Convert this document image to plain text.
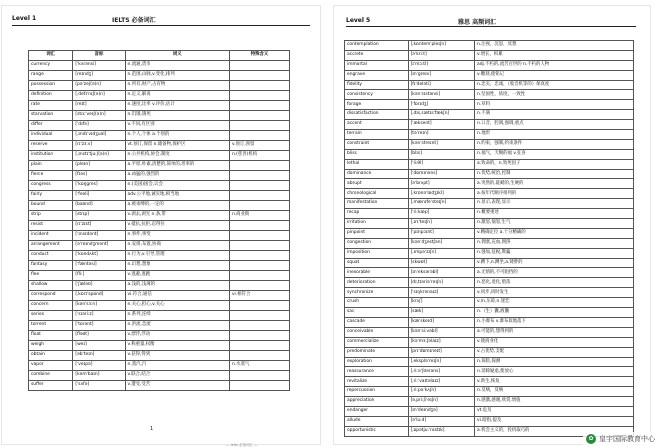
Level 1	IELTS 必备词汇
词汇	音标	词义	特殊含义
currency	[ˈkʌrənsi]	n.流通,货币	
range	[reɪndʒ]	n.范围,山脉,v.变化,排列	
possession	[pəˈzeʃ(ə)n]	n.所有,财产,占有物	
definition	[ˌdefɪˈnɪʃ(ə)n]	n.定义,解说	
rate	[reɪt]	n.速度,比率 v.评价,估计	
starvation	[stɑːˈveɪʃ(ə)n]	n.饥饿,饿死	
differ	[ˈdɪfə]	v.不同,有区别	
individual	[ˌɪndɪˈvɪdʒuəl]	n.个人,个体 a.个别的	
reserve	[rɪˈzɜːv]	vt.预订,保留 n.储备物,保护区	v.预订,预留
institution	[ˌɪnstɪˈtjuːʃ(ə)n]	n.公共机构,协会,制度	n.(慈善)机构
plain	[pleɪn]	a.平原,朴素,清楚的,简单的,坦率的	
fierce	[fɪəs]	a.凶猛的,强烈的	
congress	[ˈkɒŋɡres]	n.(美国)国会,议会	
fairly	[ˈfeəli]	adv.公平地,诚实地,相当地	
bound	[baʊnd]	a.被束缚的,一定的	
strip	[strɪp]	v.剥去,剥光 n.条,带	n.商业街
resist	[rɪˈzɪst]	v.抵抗,抗拒,忍得住	
incident	[ˈɪnsɪdənt]	n.事件,事变	
arrangement	[əˈreɪndʒmənt]	n.安排,布置,协商	
conduct	[ˈkɒndʌkt]	n.行为,v.引导,管理	
fantasy	[ˈfæntəsi]	n.幻想,想象	
flee	[fliː]	v.逃避,逃跑	
shallow	[ˈʃæləʊ]	a.浅的,浅薄的	
correspond	[ˌkɒrɪˈspɒnd]	vi.符合,通信	vi.相符合
concern	[kənˈsɜːn]	n.关心,担心,v.关心	
series	[ˈsɪəriːz]	n.系列,连续	
torrent	[ˈtɒrənt]	n.洪流,急流	
float	[fləʊt]	v.漂浮,浮动	
weigh	[weɪ]	v.称重量,权衡	
obtain	[əbˈteɪn]	v.获得,得到	
vapor	[ˈveɪpə]	n.蒸汽,汽	n.水蒸气
combine	[kəmˈbaɪn]	v.联合,结合	
suffer	[ˈsʌfə]	v.遭受,受苦	
1
— ielts 必备词汇 —
Level 5	雅思 高频词汇
contemplation	[ˌkɒntemˈpleɪʃn]	n.注视，沉思，冥想
accrete	[əˈkriːt]	v.增长，积累
immortal	[ɪˈmɔːtl]	adj.不朽的,流芳百世的 n.不朽的人物
engrave	[ɪnˈɡreɪv]	v.雕刻,使铭记
fidelity	[fɪˈdeləti]	n.忠实，忠诚，（收音机等的）保真度
consistency	[kənˈsɪstənsi]	n.坚固性，浓度，一致性
forage	[ˈfɒrɪdʒ]	n.草料
dissatisfaction	[ˌdɪsˌsætɪsˈfækʃn]	n.不满
accent	[ˈæksent]	n.口音，腔调,强调,重点
terrain	[təˈreɪn]	n.地形
constraint	[kənˈstreɪnt]	n.约束，强制,约束条件
bliss	[blɪs]	n.福气，天赐的福 v.狂喜
lethal	[ˈliːθl]	a.致命的，n.致死因子
dominance	[ˈdɒmɪnəns]	n.优势,统治,控制
abrupt	[əˈbrʌpt]	a.突然的,陡峭的,生硬的
chronological	[ˌkrɒnəˈlɒdʒɪkl]	a.按年代顺序排列的
manifestation	[ˌmænɪfeˈsteɪʃn]	n.显示,表现,显示
recap	[ˈriːkæp]	n.概要重述
irritation	[ˌɪrɪˈteɪʃn]	n.激怒,恼怒,生气
pinpoint	[ˈpɪnpɔɪnt]	v.精确定位 a.十分精确的
congestion	[kənˈdʒestʃən]	n.拥塞,充血,拥挤
imposition	[ˌɪmpəˈzɪʃn]	n.强加,征税,欺骗
squat	[skwɒt]	v.蹲下,n.蹲坐,a.矮胖的
inexorable	[ɪnˈeksərəbl]	a.无情的,不可阻挡的
deterioration	[dɪˌtɪəriəˈreɪʃn]	n.恶化,退化,堕落
synchronize	[ˈsɪŋkrənaɪz]	v.同步,同时发生
crush	[krʌʃ]	v./n.压碎,n.迷恋
sac	[sæk]	n.（生）囊,液囊
cascade	[kæˈskeɪd]	n.小瀑布 v.瀑布似地落下
conceivable	[kənˈsiːvəbl]	a.可能的,想得到的
commercialize	[kəˈmɜːʃəlaɪz]	v.使商业化
predominate	[prɪˈdɒmɪneɪt]	v.占优势,支配
exploration	[ˌekspləˈreɪʃn]	n.探险,探测
reassurance	[ˌriːəˈʃʊərəns]	n.消除疑虑,使放心
revitalize	[ˌriːˈvaɪtəlaɪz]	v.新生,恢复
repercussion	[ˌriːpəˈkʌʃn]	n.反响，反响
appreciation	[əˌpriːʃiˈeɪʃn]	n.感激,感谢,欣赏,增值
endanger	[ɪnˈdeɪndʒə]	vt.危及
allude	[əˈluːd]	vi.暗指,提及
opportunistic	[ˌɒpətjuːˈnɪstɪk]	a.机会主义的，投机取巧的
✿ 皇宇国际教育中心
